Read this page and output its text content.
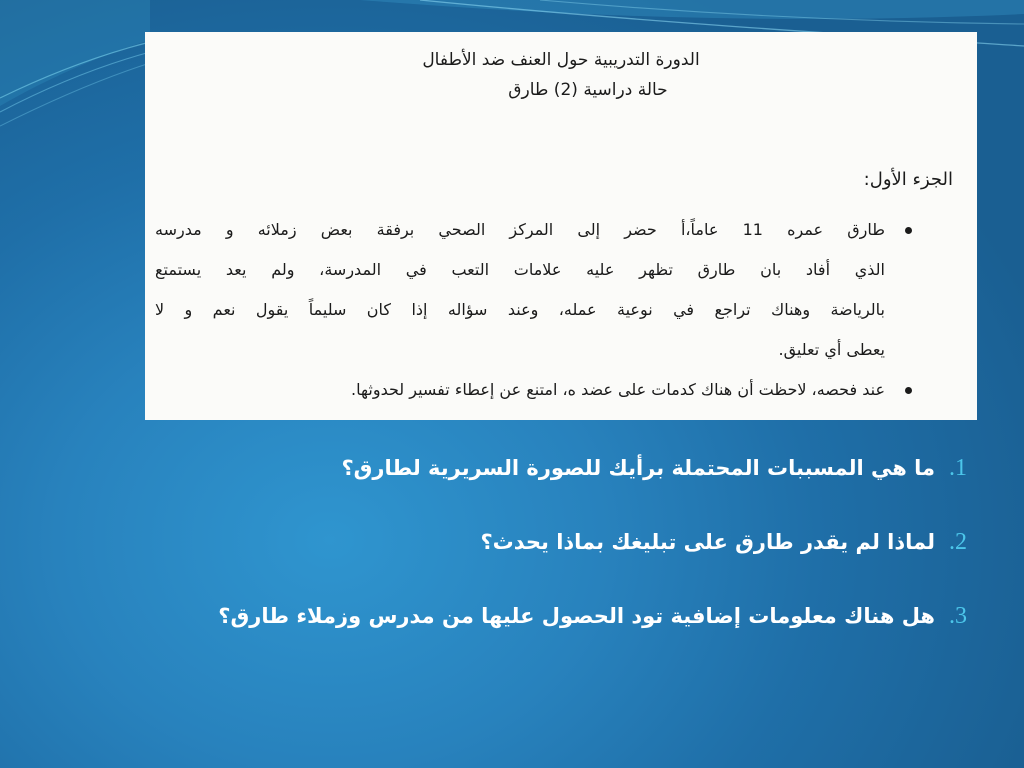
الدورة التدريبية حول العنف ضد الأطفال
حالة دراسية (2) طارق
الجزء الأول:
طارق عمره 11 عاماً،أ حضر إلى المركز الصحي برفقة بعض زملائه و مدرسه
الذي أفاد بان طارق تظهر عليه علامات التعب في المدرسة، ولم يعد يستمتع
بالرياضة وهناك تراجع في نوعية عمله، وعند سؤاله إذا كان سليماً يقول نعم و لا
يعطى أي تعليق.
عند فحصه، لاحظت أن هناك كدمات على عضد ه، امتنع عن إعطاء تفسير لحدوثها.
1.
ما هي المسببات المحتملة برأيك للصورة السريرية لطارق؟
2.
لماذا لم يقدر طارق على تبليغك بماذا يحدث؟
3.
هل هناك معلومات إضافية تود الحصول عليها من مدرس وزملاء طارق؟
